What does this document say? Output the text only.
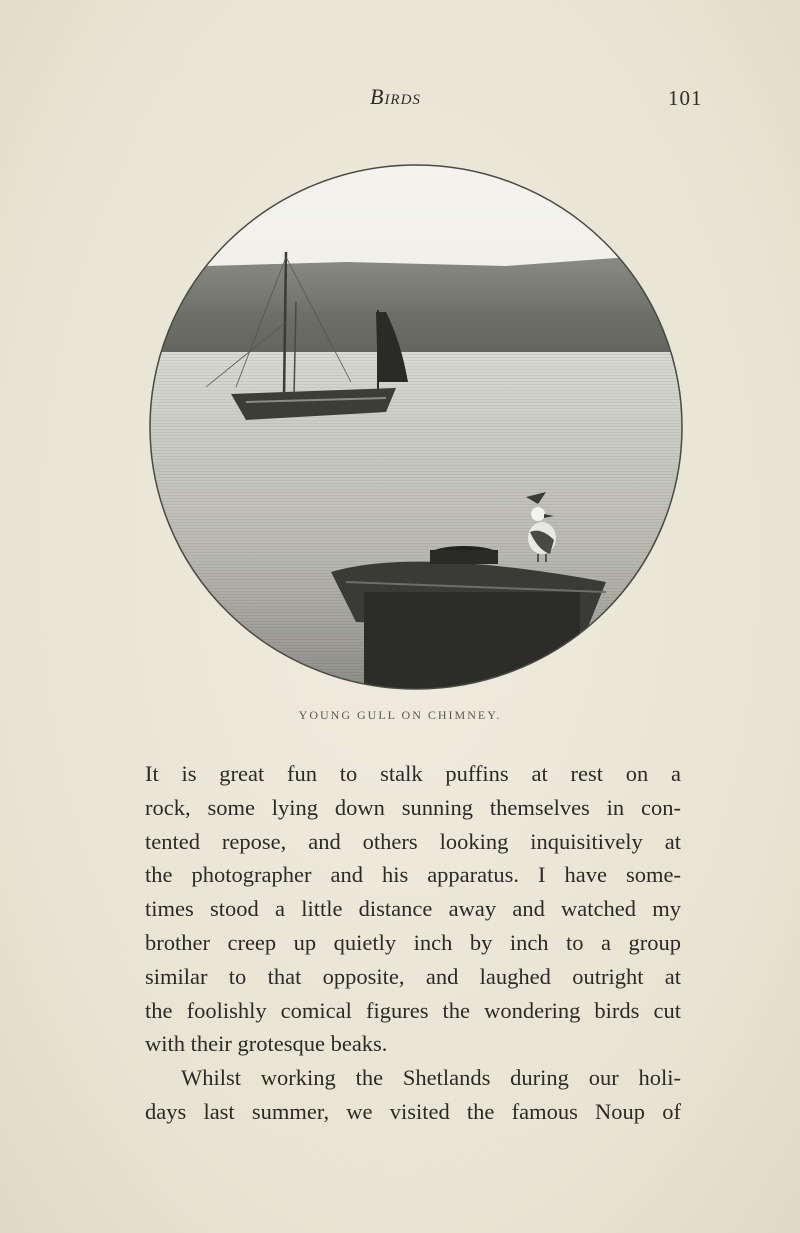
Birds	101
YOUNG GULL ON CHIMNEY.
It is great fun to stalk puffins at rest on a
rock, some lying down sunning themselves in con-
tented repose, and others looking inquisitively at
the photographer and his apparatus. I have some-
times stood a little distance away and watched my
brother creep up quietly inch by inch to a group
similar to that opposite, and laughed outright at
the foolishly comical figures the wondering birds cut
with their grotesque beaks.
Whilst working the Shetlands during our holi-
days last summer, we visited the famous Noup of
